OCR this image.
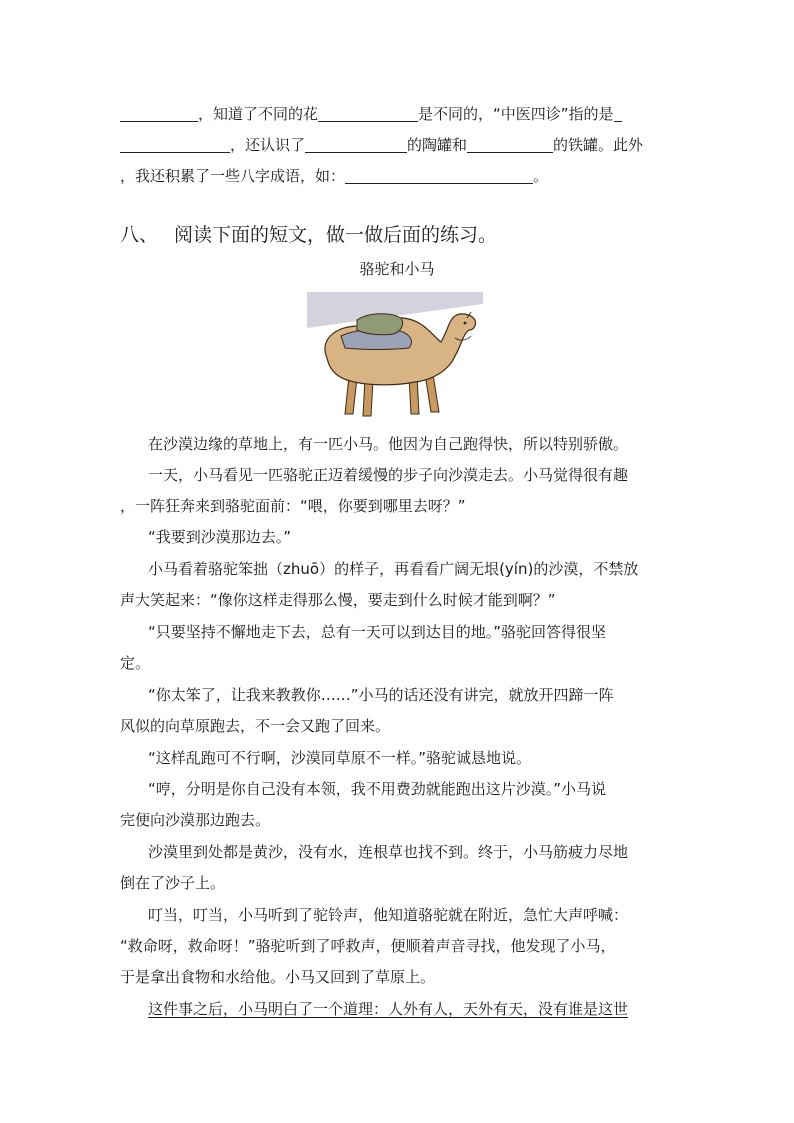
，知道了不同的花	是不同的，“中医四诊”指的是
，还认识了	的陶罐和	的铁罐。此外
，我还积累了一些八字成语，如：	。
八、 阅读下面的短文，做一做后面的练习。
骆驼和小马
在沙漠边缘的草地上，有一匹小马。他因为自己跑得快，所以特别骄傲。
一天，小马看见一匹骆驼正迈着缓慢的步子向沙漠走去。小马觉得很有趣
，一阵狂奔来到骆驼面前：“喂，你要到哪里去呀？”
“我要到沙漠那边去。”
小马看着骆驼笨拙（zhuō）的样子，再看看广阔无垠(yín)的沙漠，不禁放
声大笑起来：“像你这样走得那么慢，要走到什么时候才能到啊？”
“只要坚持不懈地走下去，总有一天可以到达目的地。”骆驼回答得很坚
定。
“你太笨了，让我来教教你……”小马的话还没有讲完，就放开四蹄一阵
风似的向草原跑去，不一会又跑了回来。
“这样乱跑可不行啊，沙漠同草原不一样。”骆驼诚恳地说。
“哼，分明是你自己没有本领，我不用费劲就能跑出这片沙漠。”小马说
完便向沙漠那边跑去。
沙漠里到处都是黄沙，没有水，连根草也找不到。终于，小马筋疲力尽地
倒在了沙子上。
叮当，叮当，小马听到了驼铃声，他知道骆驼就在附近，急忙大声呼喊：
“救命呀，救命呀！”骆驼听到了呼救声，便顺着声音寻找，他发现了小马，
于是拿出食物和水给他。小马又回到了草原上。
这件事之后，小马明白了一个道理：人外有人，天外有天，没有谁是这世
